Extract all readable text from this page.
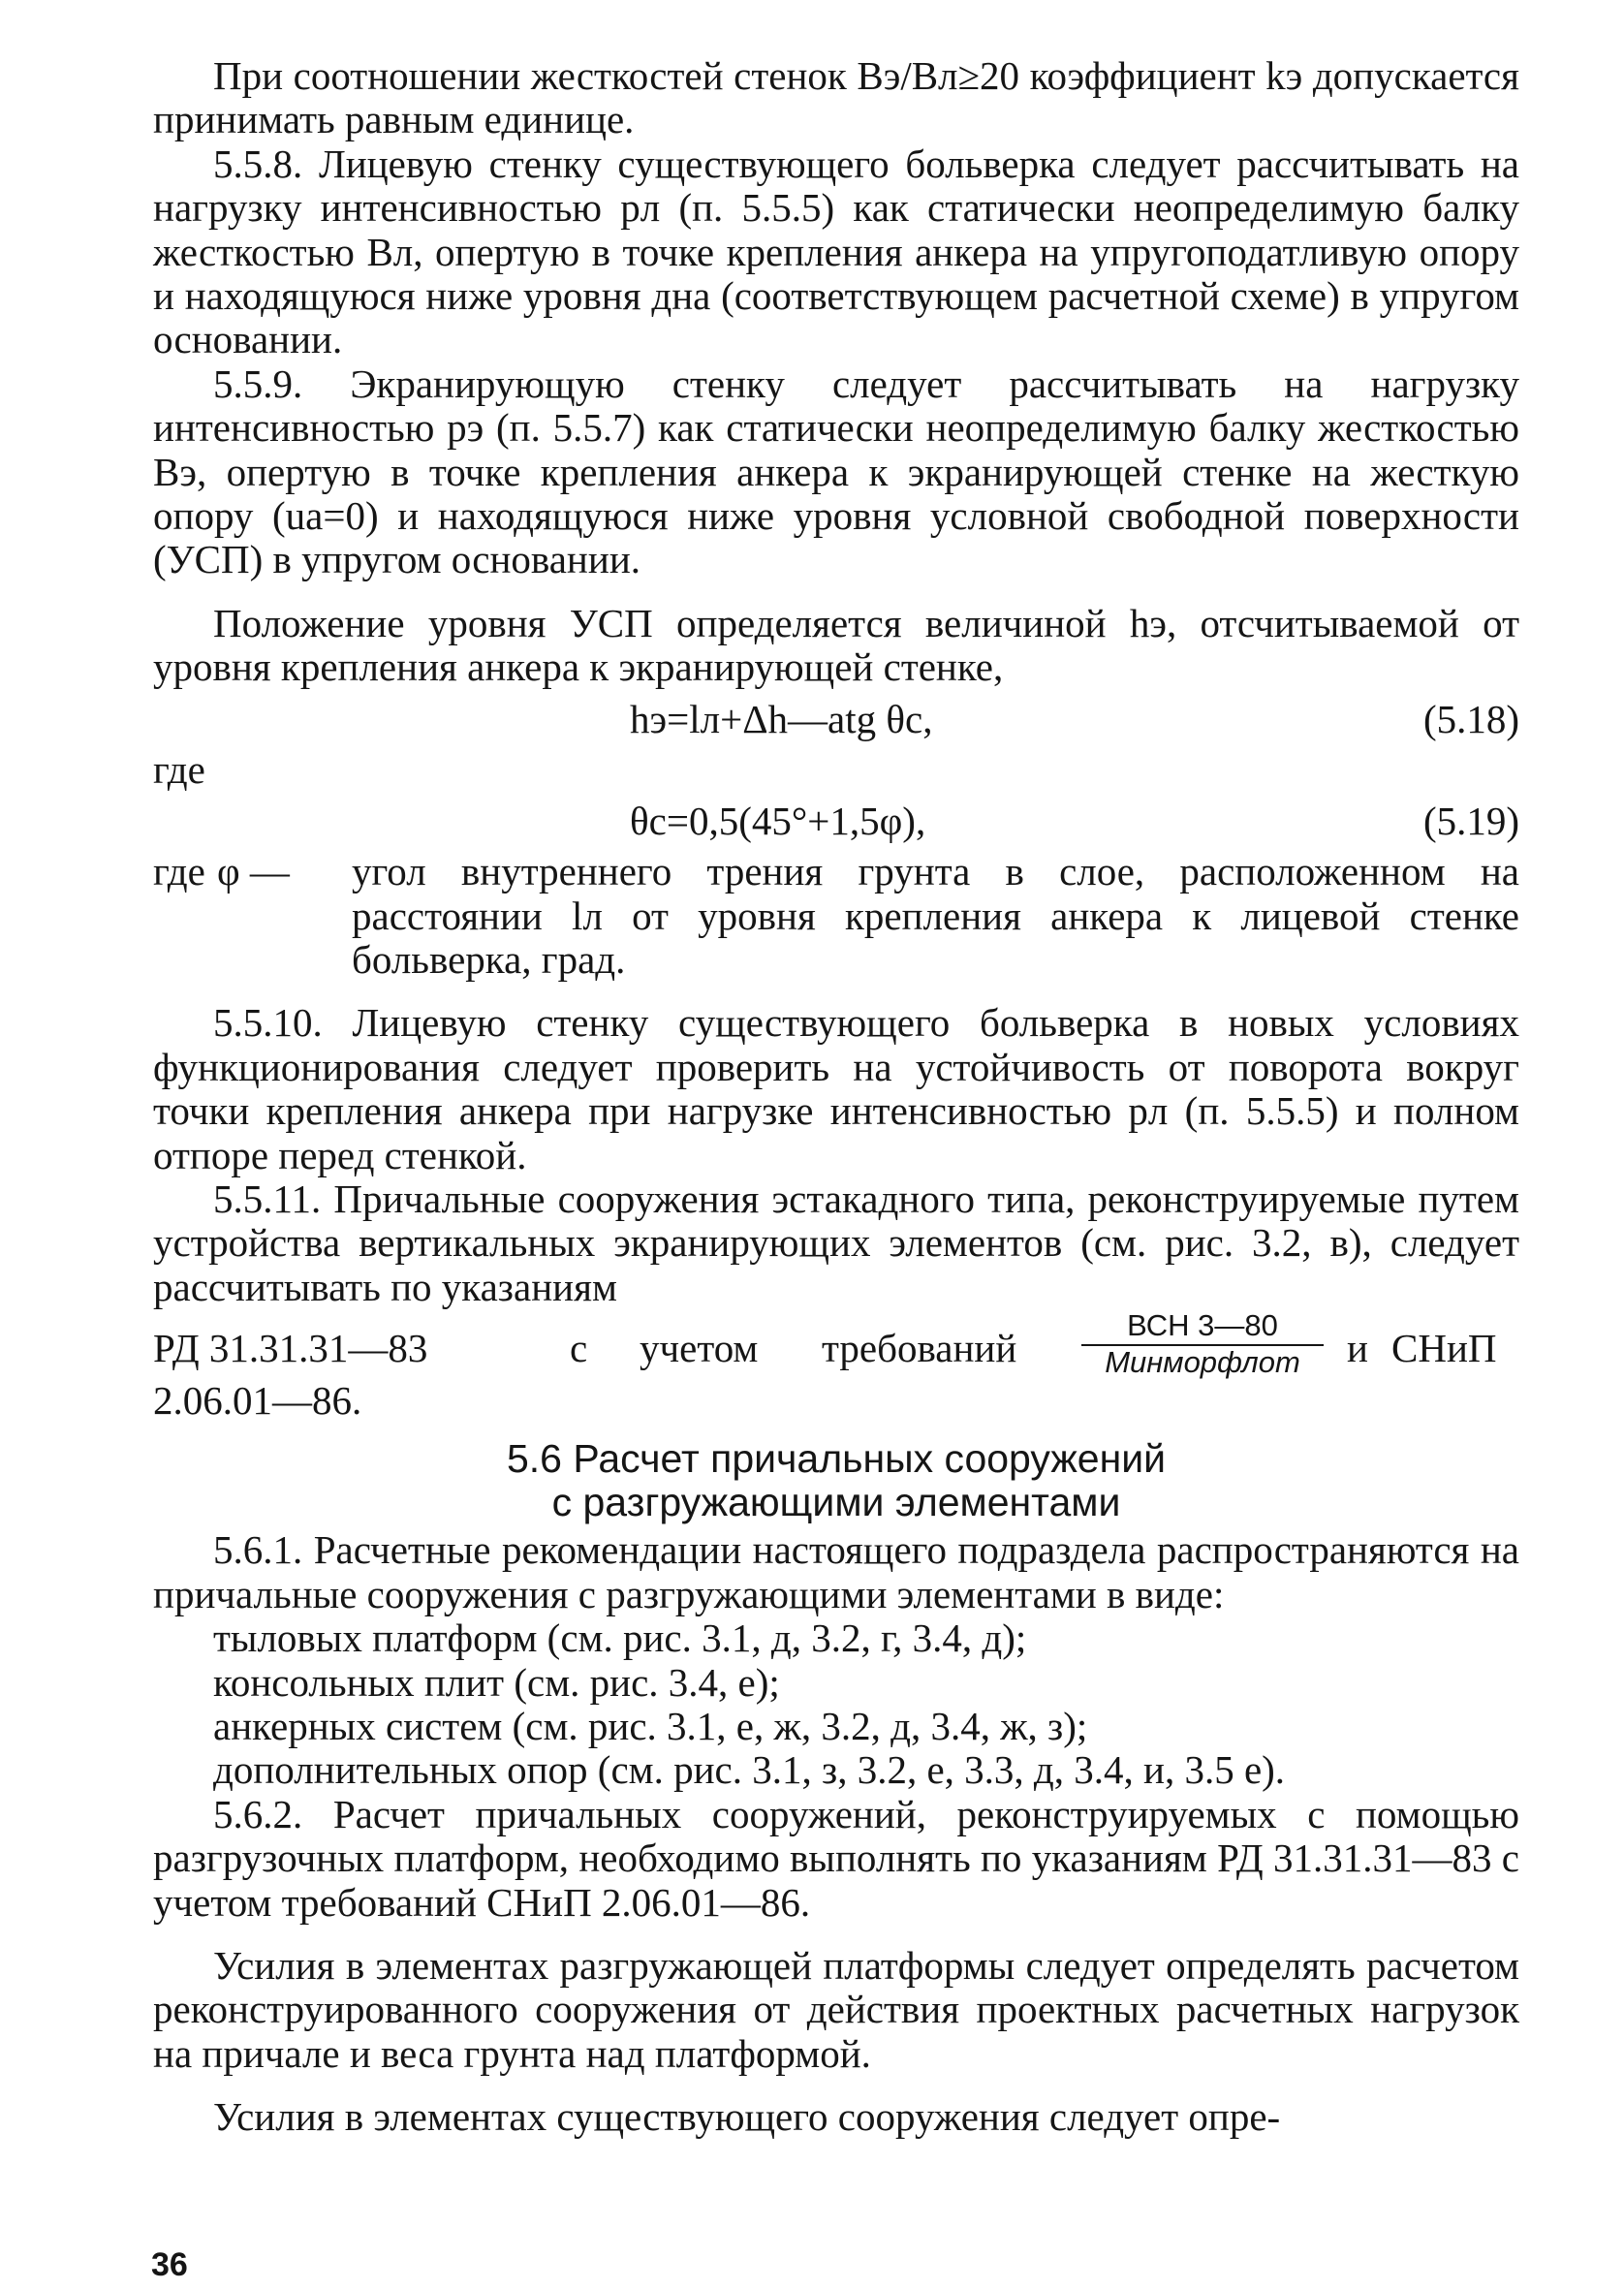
При соотношении жесткостей стенок Bэ/Bл≥20 коэффициент kэ допускается принимать равным единице.

5.5.8. Лицевую стенку существующего больверка следует рассчитывать на нагрузку интенсивностью pл (п. 5.5.5) как статически неопределимую балку жесткостью Bл, опертую в точке крепления анкера на упругоподатливую опору и находящуюся ниже уровня дна (соответствующем расчетной схеме) в упругом основании.

5.5.9. Экранирующую стенку следует рассчитывать на нагрузку интенсивностью pэ (п. 5.5.7) как статически неопределимую балку жесткостью Bэ, опертую в точке крепления анкера к экранирующей стенке на жесткую опору (uа=0) и находящуюся ниже уровня условной свободной поверхности (УСП) в упругом основании.

Положение уровня УСП определяется величиной hэ, отсчитываемой от уровня крепления анкера к экранирующей стенке,

hэ=lл+Δh—atg θc,	(5.18)

где

θc=0,5(45°+1,5φ),	(5.19)
где φ — угол внутреннего трения грунта в слое, расположенном на расстоянии lл от уровня крепления анкера к лицевой стенке больверка, град.

5.5.10. Лицевую стенку существующего больверка в новых условиях функционирования следует проверить на устойчивость от поворота вокруг точки крепления анкера при нагрузке интенсивностью pл (п. 5.5.5) и полном отпоре перед стенкой.

5.5.11. Причальные сооружения эстакадного типа, реконструируемые путем устройства вертикальных экранирующих элементов (см. рис. 3.2, в), следует рассчитывать по указаниям

РД 31.31.31—83	с учетом требований
ВСН 3—80
Минморфлот	и СНиП

2.06.01—86.

5.6 Расчет причальных сооружений
с разгружающими элементами

5.6.1. Расчетные рекомендации настоящего подраздела распространяются на причальные сооружения с разгружающими элементами в виде:

тыловых платформ (см. рис. 3.1, д, 3.2, г, 3.4, д);

консольных плит (см. рис. 3.4, е);

анкерных систем (см. рис. 3.1, е, ж, 3.2, д, 3.4, ж, з);

дополнительных опор (см. рис. 3.1, з, 3.2, е, 3.3, д, 3.4, и, 3.5 е).

5.6.2. Расчет причальных сооружений, реконструируемых с помощью разгрузочных платформ, необходимо выполнять по указаниям РД 31.31.31—83 с учетом требований СНиП 2.06.01—86.

Усилия в элементах разгружающей платформы следует определять расчетом реконструированного сооружения от действия проектных расчетных нагрузок на причале и веса грунта над платформой.

Усилия в элементах существующего сооружения следует опре-

36
